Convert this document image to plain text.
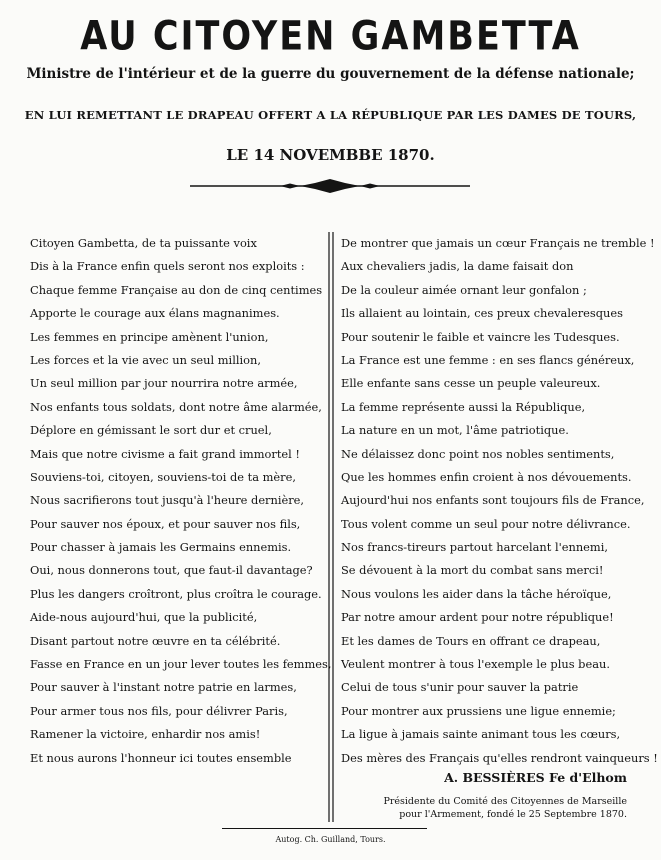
AU CITOYEN GAMBETTA
Ministre de l'intérieur et de la guerre du gouvernement de la défense nationale;
EN LUI REMETTANT LE DRAPEAU OFFERT A LA RÉPUBLIQUE PAR LES DAMES DE TOURS,
LE 14 NOVEMBBE 1870.
Citoyen Gambetta, de ta puissante voix
Dis à la France enfin quels seront nos exploits :
Chaque femme Française au don de cinq centimes
Apporte le courage aux élans magnanimes.
Les femmes en principe amènent l'union,
Les forces et la vie avec un seul million,
Un seul million par jour nourrira notre armée,
Nos enfants tous soldats, dont notre âme alarmée,
Déplore en gémissant le sort dur et cruel,
Mais que notre civisme a fait grand immortel !
Souviens-toi, citoyen, souviens-toi de ta mère,
Nous sacrifierons tout jusqu'à l'heure dernière,
Pour sauver nos époux, et pour sauver nos fils,
Pour chasser à jamais les Germains ennemis.
Oui, nous donnerons tout, que faut-il davantage?
Plus les dangers croîtront, plus croîtra le courage.
Aide-nous aujourd'hui, que la publicité,
Disant partout notre œuvre en ta célébrité.
Fasse en France en un jour lever toutes les femmes,
Pour sauver à l'instant notre patrie en larmes,
Pour armer tous nos fils, pour délivrer Paris,
Ramener la victoire, enhardir nos amis!
Et nous aurons l'honneur ici toutes ensemble
De montrer que jamais un cœur Français ne tremble !
Aux chevaliers jadis, la dame faisait don
De la couleur aimée ornant leur gonfalon ;
Ils allaient au lointain, ces preux chevaleresques
Pour soutenir le faible et vaincre les Tudesques.
La France est une femme : en ses flancs généreux,
Elle enfante sans cesse un peuple valeureux.
La femme représente aussi la République,
La nature en un mot, l'âme patriotique.
Ne délaissez donc point nos nobles sentiments,
Que les hommes enfin croient à nos dévouements.
Aujourd'hui nos enfants sont toujours fils de France,
Tous volent comme un seul pour notre délivrance.
Nos francs-tireurs partout harcelant l'ennemi,
Se dévouent à la mort du combat sans merci!
Nous voulons les aider dans la tâche héroïque,
Par notre amour ardent pour notre république!
Et les dames de Tours en offrant ce drapeau,
Veulent montrer à tous l'exemple le plus beau.
Celui de tous s'unir pour sauver la patrie
Pour montrer aux prussiens une ligue ennemie;
La ligue à jamais sainte animant tous les cœurs,
Des mères des Français qu'elles rendront vainqueurs !
A. BESSIÈRES Fe d'Elhom
Présidente du Comité des Citoyennes de Marseille
pour l'Armement, fondé le 25 Septembre 1870.
Autog. Ch. Guilland, Tours.
